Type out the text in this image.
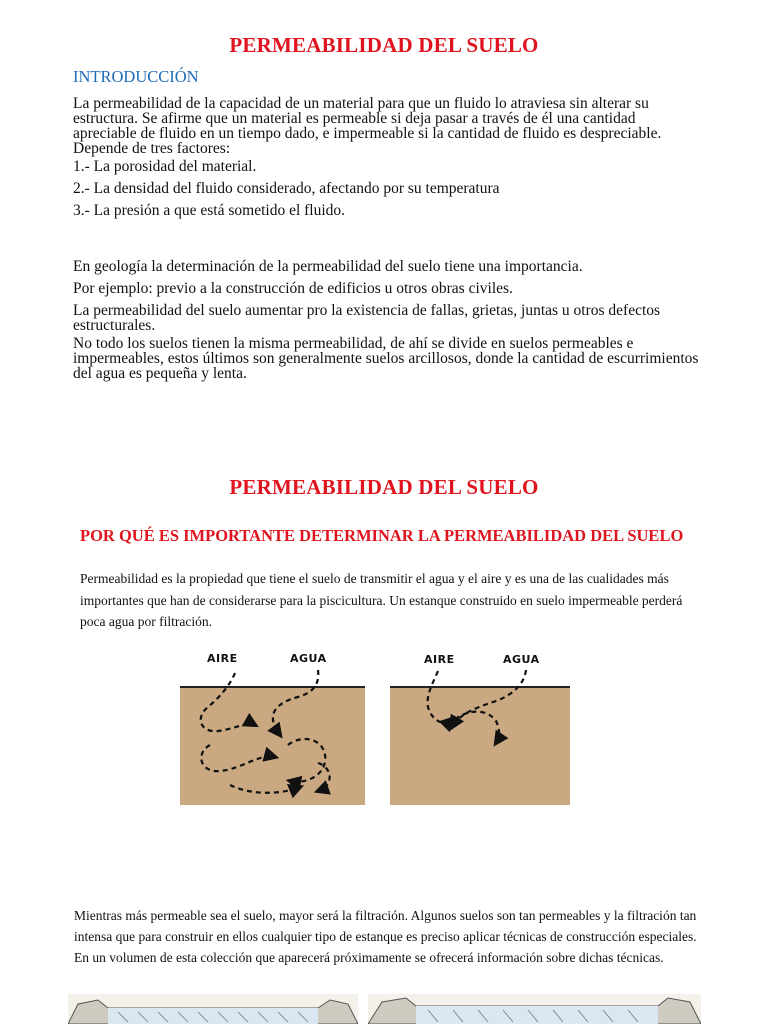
PERMEABILIDAD DEL SUELO
INTRODUCCIÓN

La permeabilidad de la capacidad de un material para que un fluido lo atraviesa sin alterar su estructura. Se afirme que un material es permeable si deja pasar a través de él una cantidad apreciable de fluido en un tiempo dado, e impermeable si la cantidad de fluido es despreciable. Depende de tres factores:

1.- La porosidad del material.

2.- La densidad del fluido considerado, afectando por su temperatura

3.- La presión a que está sometido el fluido.

En geología la determinación de la permeabilidad del suelo tiene una importancia.

Por ejemplo: previo a la construcción de edificios u otros obras civiles.

La permeabilidad del suelo aumentar pro la existencia de fallas, grietas, juntas u otros defectos estructurales.

No todo los suelos tienen la misma permeabilidad, de ahí se divide en suelos permeables e impermeables, estos últimos son generalmente suelos arcillosos, donde la cantidad de escurrimientos del agua es pequeña y lenta.

PERMEABILIDAD DEL SUELO
POR QUÉ ES IMPORTANTE DETERMINAR LA PERMEABILIDAD DEL SUELO
Permeabilidad es la propiedad que tiene el suelo de transmitir el agua y el aire y es una de las cualidades más importantes que han de considerarse para la piscicultura. Un estanque construido en suelo impermeable perderá poca agua por filtración.
AIRE	AGUA	AIRE	AGUA
Mientras más permeable sea el suelo, mayor será la filtración. Algunos suelos son tan permeables y la filtración tan intensa que para construir en ellos cualquier tipo de estanque es preciso aplicar técnicas de construcción especiales. En un volumen de esta colección que aparecerá próximamente se ofrecerá información sobre dichas técnicas.
